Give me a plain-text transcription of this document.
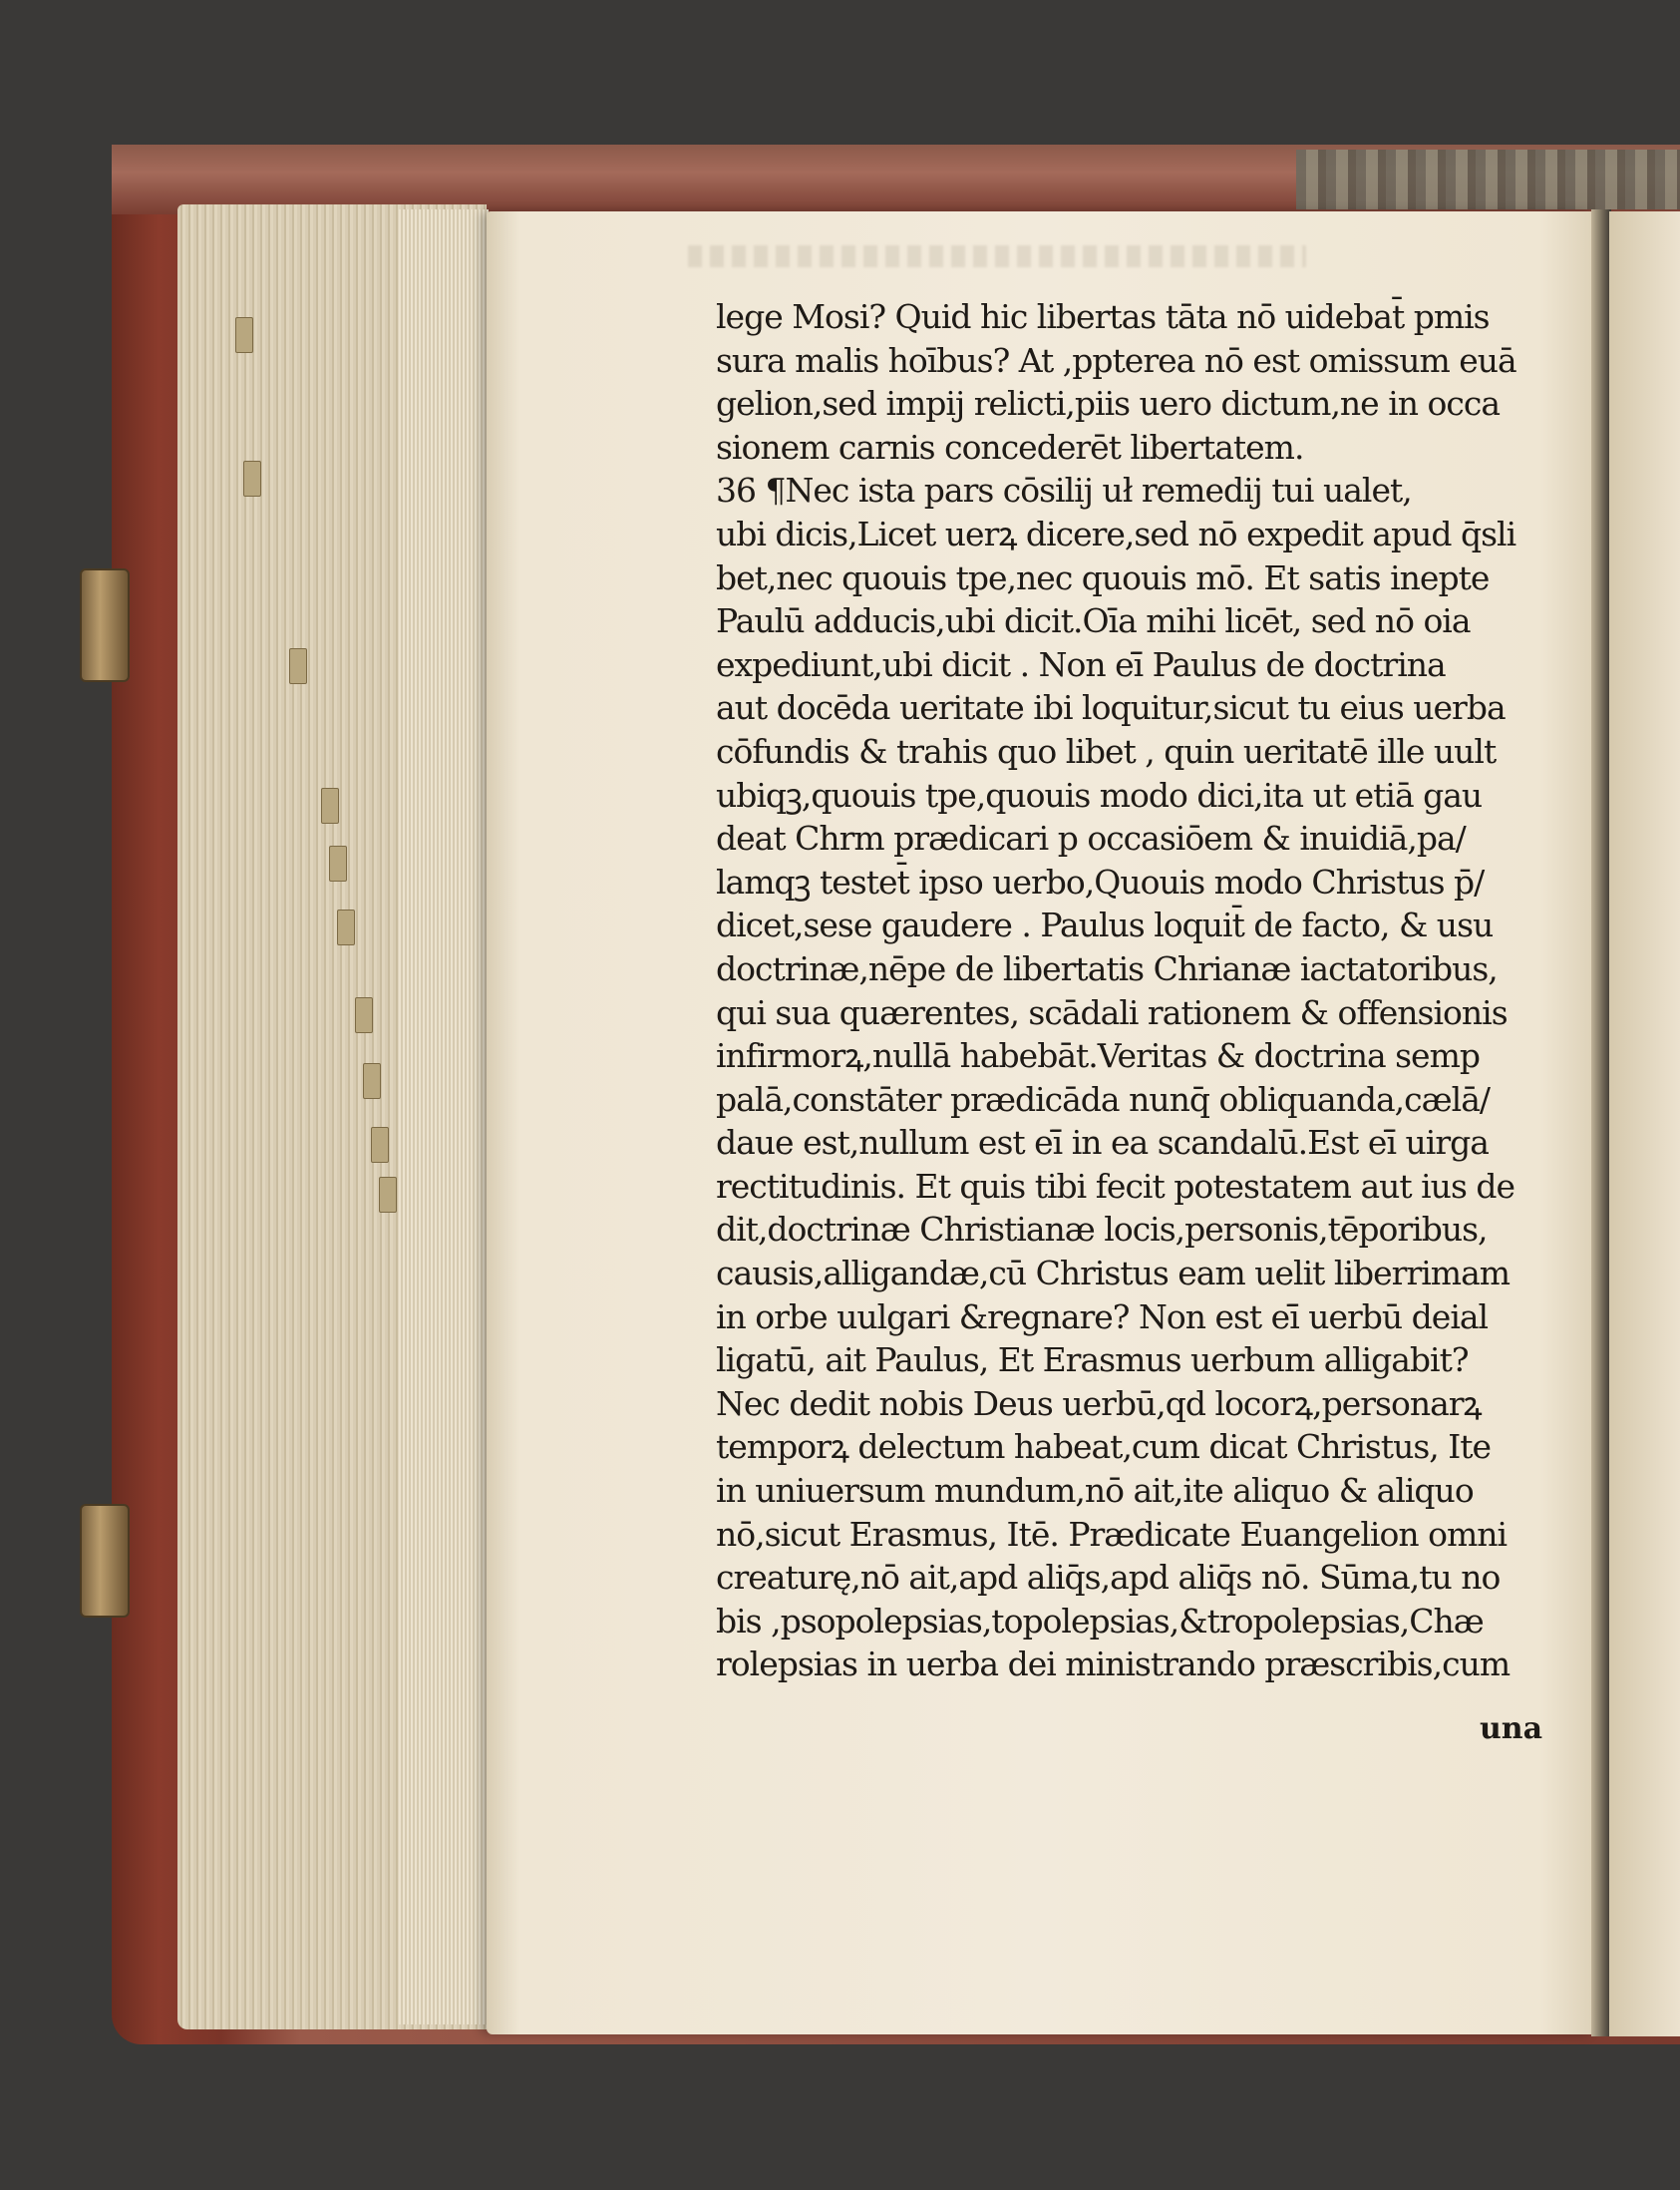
lege Mosi? Quid hic libertas tāta nō uidebat̄ pmis
sura malis hoībus? At ,ppterea nō est omissum euā
gelion,sed impij relicti,piis uero dictum,ne in occa
sionem carnis concederēt libertatem.
36 ¶Nec ista pars cōsilij uł remedij tui ualet,
ubi dicis,Licet uerꝝ dicere,sed nō expedit apud q̄sli
bet,nec quouis tpe,nec quouis mō. Et satis inepte
Paulū adducis,ubi dicit.Oīa mihi licēt, sed nō oia
expediunt,ubi dicit . Non eī̄ Paulus de doctrina
aut docēda ueritate ibi loquitur,sicut tu eius uerba
cōfundis & trahis quo libet , quin ueritatē ille uult
ubiqꝫ,quouis tpe,quouis modo dici,ita ut etiā gau
deat Chrm prædicari p occasiōem & inuidiā,pa/
lamqꝫ testet̄ ipso uerbo,Quouis modo Christus p̄/
dicet,sese gaudere . Paulus loquit̄ de facto, & usu
doctrinæ,nēpe de libertatis Chrianæ iactatoribus,
qui sua quærentes, scādali rationem & offensionis
infirmorꝝ,nullā habebāt.Veritas & doctrina semp
palā,constāter prædicāda nunq̄ obliquanda,cælā/
daue est,nullum est eī̄ in ea scandalū.Est eī̄ uirga
rectitudinis. Et quis tibi fecit potestatem aut ius de
dit,doctrinæ Christianæ locis,personis,tēporibus,
causis,alligandæ,cū Christus eam uelit liberrimam
in orbe uulgari &regnare? Non est eī̄ uerbū deial
ligatū, ait Paulus, Et Erasmus uerbum alligabit?
Nec dedit nobis Deus uerbū,qd locorꝝ,personarꝝ
temporꝝ delectum habeat,cum dicat Christus, Ite
in uniuersum mundum,nō ait,ite aliquo & aliquo
nō,sicut Erasmus, Itē. Prædicate Euangelion omni
creaturę,nō ait,apd aliq̄s,apd aliq̄s nō. Sūma,tu no
bis ,psopolepsias,topolepsias,&tropolepsias,Chæ
rolepsias in uerba dei ministrando præscribis,cum
una
